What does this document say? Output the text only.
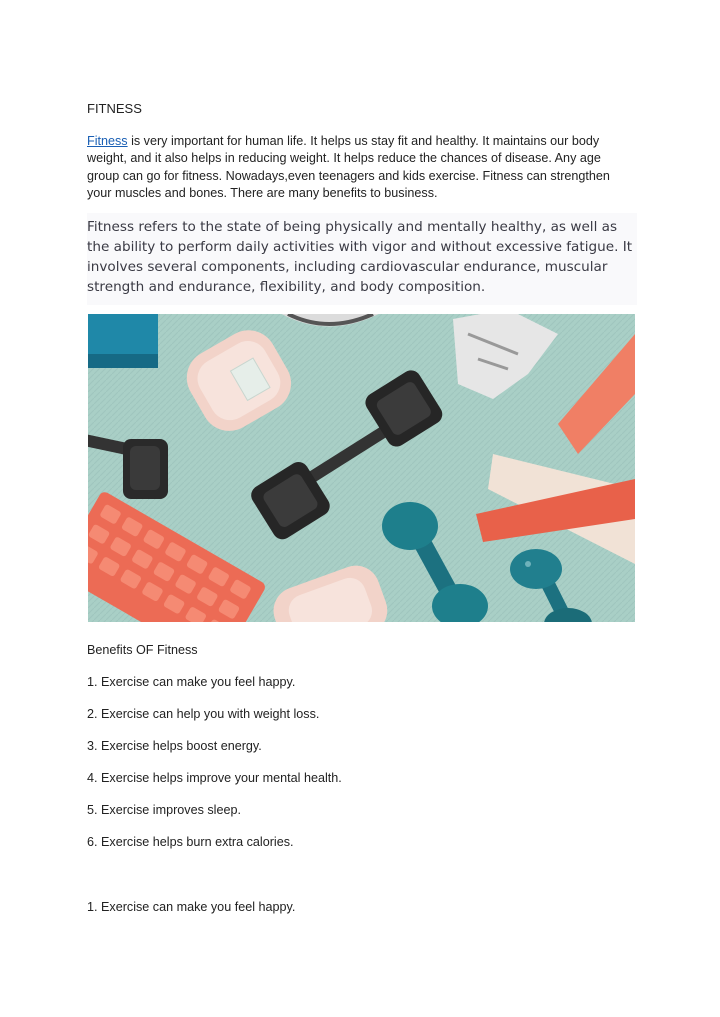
FITNESS
Fitness is very important for human life. It helps us stay fit and healthy. It maintains our body weight, and it also helps in reducing weight. It helps reduce the chances of disease. Any age group can go for fitness. Nowadays,even teenagers and kids exercise. Fitness can strengthen your muscles and bones. There are many benefits to business.
Fitness refers to the state of being physically and mentally healthy, as well as the ability to perform daily activities with vigor and without excessive fatigue. It involves several components, including cardiovascular endurance, muscular strength and endurance, flexibility, and body composition.
Benefits OF Fitness
1. Exercise can make you feel happy.
2. Exercise can help you with weight loss.
3. Exercise helps boost energy.
4. Exercise helps improve your mental health.
5. Exercise improves sleep.
6. Exercise helps burn extra calories.
1. Exercise can make you feel happy.
